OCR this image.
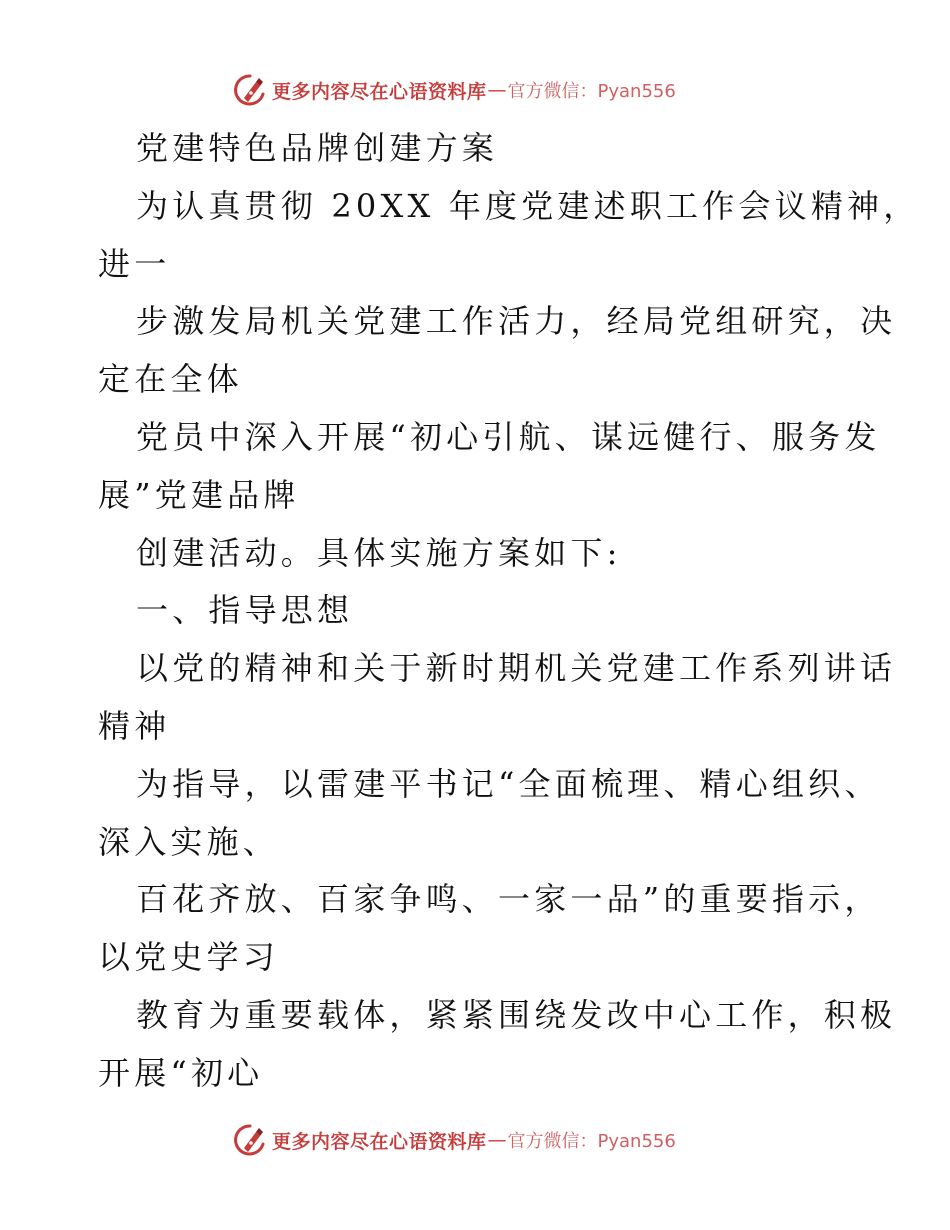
更多内容尽在心语资料库 — 官方微信：Pyan556
党建特色品牌创建方案
为认真贯彻 20XX 年度党建述职工作会议精神，
进一
步激发局机关党建工作活力，经局党组研究，决
定在全体
党员中深入开展“初心引航、谋远健行、服务发
展”党建品牌
创建活动。具体实施方案如下:
一、指导思想
以党的精神和关于新时期机关党建工作系列讲话
精神
为指导，以雷建平书记“全面梳理、精心组织、
深入实施、
百花齐放、百家争鸣、一家一品”的重要指示，
以党史学习
教育为重要载体，紧紧围绕发改中心工作，积极
开展“初心
更多内容尽在心语资料库 — 官方微信：Pyan556
